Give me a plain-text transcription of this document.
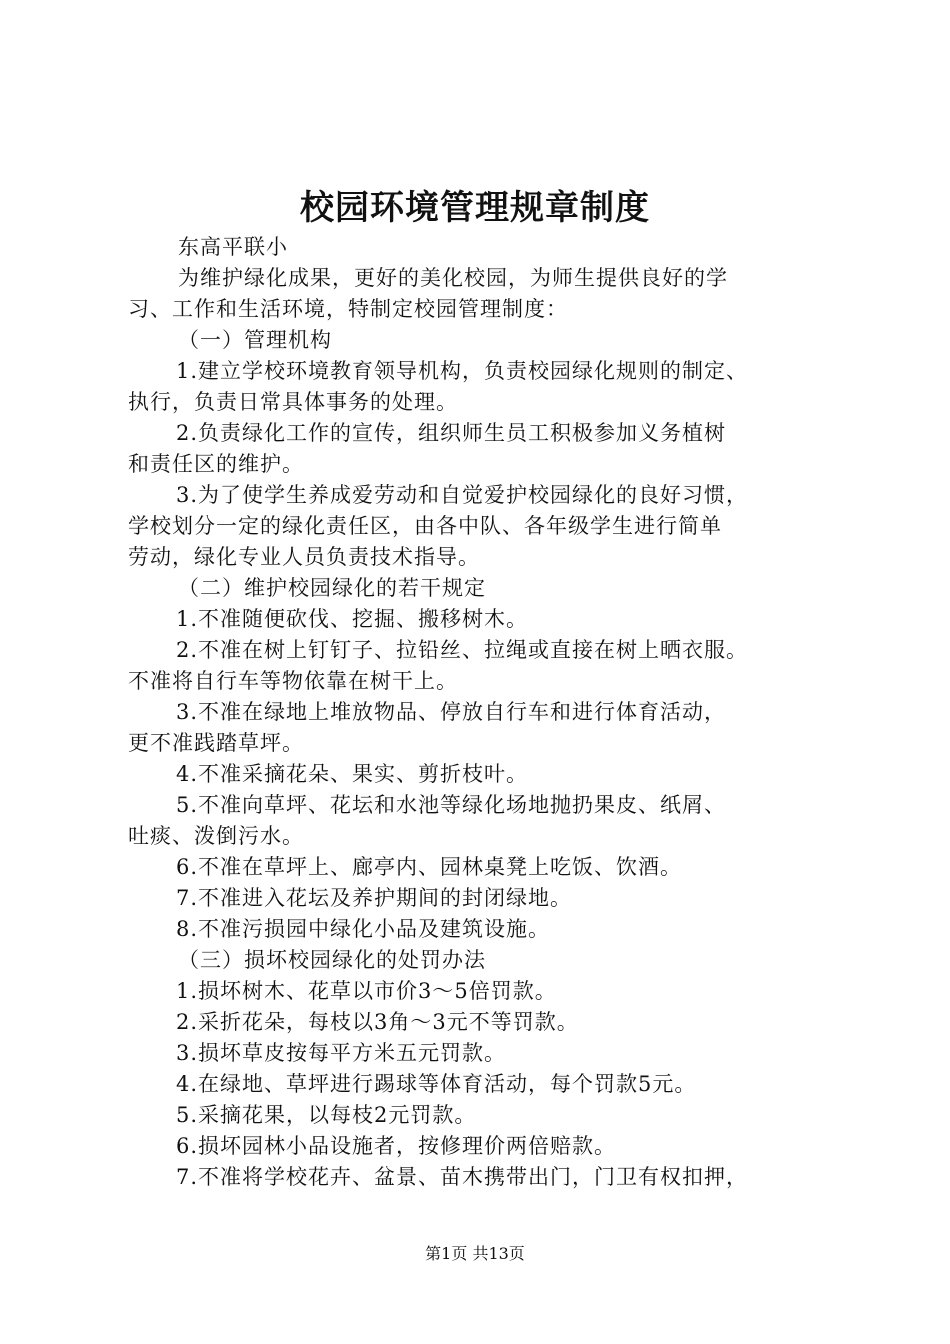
校园环境管理规章制度
东高平联小
为维护绿化成果，更好的美化校园，为师生提供良好的学
习、工作和生活环境，特制定校园管理制度：
（一）管理机构
1.建立学校环境教育领导机构，负责校园绿化规则的制定、
执行，负责日常具体事务的处理。
2.负责绿化工作的宣传，组织师生员工积极参加义务植树
和责任区的维护。
3.为了使学生养成爱劳动和自觉爱护校园绿化的良好习惯，
学校划分一定的绿化责任区，由各中队、各年级学生进行简单
劳动，绿化专业人员负责技术指导。
（二）维护校园绿化的若干规定
1.不准随便砍伐、挖掘、搬移树木。
2.不准在树上钉钉子、拉铅丝、拉绳或直接在树上晒衣服。
不准将自行车等物依靠在树干上。
3.不准在绿地上堆放物品、停放自行车和进行体育活动，
更不准践踏草坪。
4.不准采摘花朵、果实、剪折枝叶。
5.不准向草坪、花坛和水池等绿化场地抛扔果皮、纸屑、
吐痰、泼倒污水。
6.不准在草坪上、廊亭内、园林桌凳上吃饭、饮酒。
7.不准进入花坛及养护期间的封闭绿地。
8.不准污损园中绿化小品及建筑设施。
（三）损坏校园绿化的处罚办法
1.损坏树木、花草以市价3～5倍罚款。
2.采折花朵，每枝以3角～3元不等罚款。
3.损坏草皮按每平方米五元罚款。
4.在绿地、草坪进行踢球等体育活动，每个罚款5元。
5.采摘花果，以每枝2元罚款。
6.损坏园林小品设施者，按修理价两倍赔款。
7.不准将学校花卉、盆景、苗木携带出门，门卫有权扣押，
第1页 共13页
